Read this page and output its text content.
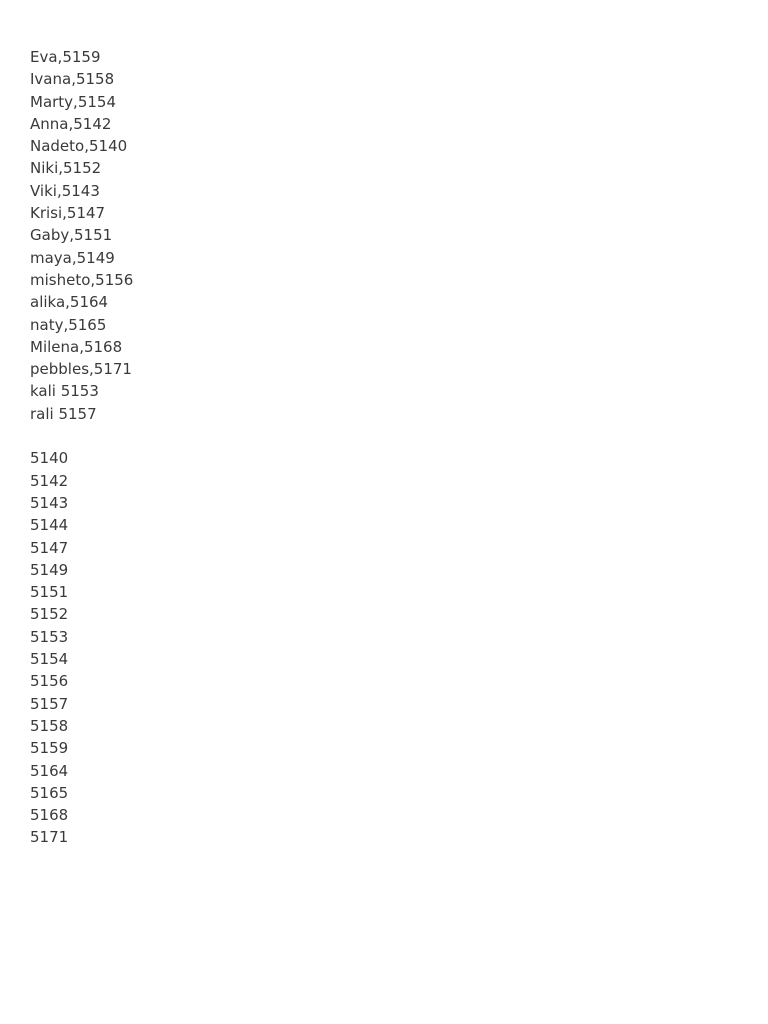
Eva,5159
Ivana,5158
Marty,5154
Anna,5142
Nadeto,5140
Niki,5152
Viki,5143
Krisi,5147
Gaby,5151
maya,5149
misheto,5156
alika,5164
naty,5165
Milena,5168
pebbles,5171
kali 5153
rali 5157
5140
5142
5143
5144
5147
5149
5151
5152
5153
5154
5156
5157
5158
5159
5164
5165
5168
5171
